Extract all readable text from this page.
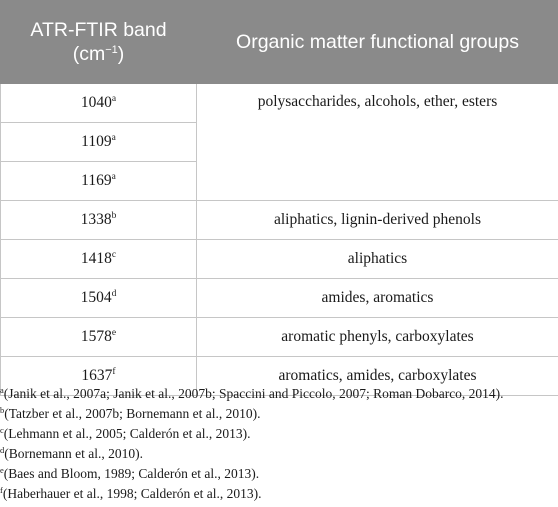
ATR-FTIR band
$(cm^{-1})$	Organic matter functional groups
1040$^a$	polysaccharides, alcohols, ether, esters
1109$^a$
1169$^a$
1338$^b$	aliphatics, lignin-derived phenols
1418$^c$	aliphatics
1504$^d$	amides, aromatics
1578e	aromatic phenyls, carboxylates
1637$^f$	aromatics, amides, carboxylates
$^a$(Janik et al., 2007a; Janik et al., 2007b; Spaccini and Piccolo, 2007; Roman Dobarco, 2014).
$^b$(Tatzber et al., 2007b; Bornemann et al., 2010).
$^c$(Lehmann et al., 2005; Calderón et al., 2013).
$^d$(Bornemann et al., 2010).
$^e$(Baes and Bloom, 1989; Calderón et al., 2013).
$^f$(Haberhauer et al., 1998; Calderón et al., 2013).
